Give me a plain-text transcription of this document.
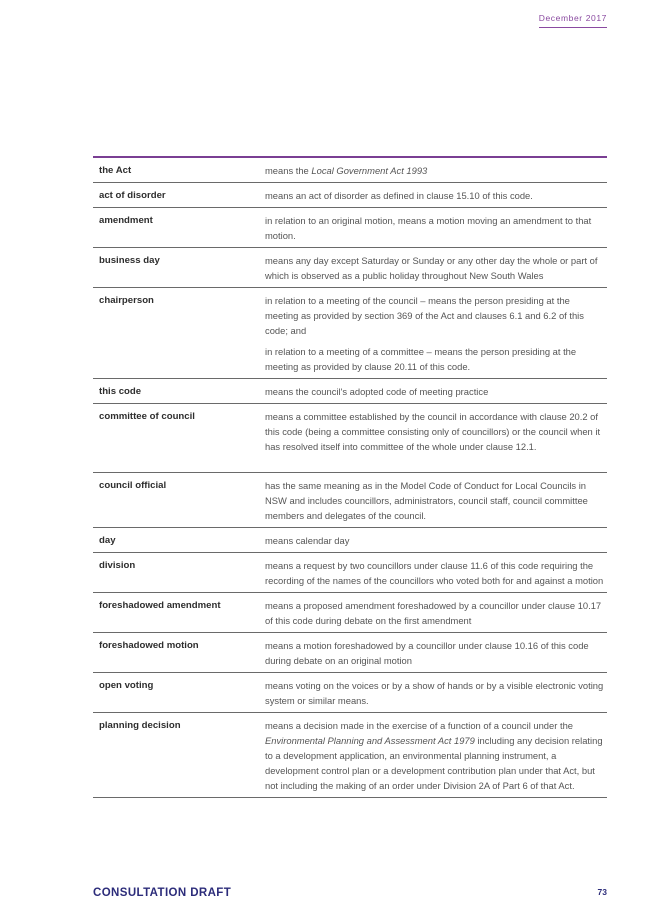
December 2017
the Act	means the Local Government Act 1993

act of disorder	means an act of disorder as defined in clause 15.10 of this code.

amendment	in relation to an original motion, means a motion moving an amendment to that motion.

business day	means any day except Saturday or Sunday or any other day the whole or part of which is observed as a public holiday throughout New South Wales

chairperson	in relation to a meeting of the council – means the person presiding at the meeting as provided by section 369 of the Act and clauses 6.1 and 6.2 of this code; and

in relation to a meeting of a committee – means the person presiding at the meeting as provided by clause 20.11 of this code.

this code	means the council's adopted code of meeting practice

committee of council	means a committee established by the council in accordance with clause 20.2 of this code (being a committee consisting only of councillors) or the council when it has resolved itself into committee of the whole under clause 12.1.

council official	has the same meaning as in the Model Code of Conduct for Local Councils in NSW and includes councillors, administrators, council staff, council committee members and delegates of the council.

day	means calendar day

division	means a request by two councillors under clause 11.6 of this code requiring the recording of the names of the councillors who voted both for and against a motion

foreshadowed amendment	means a proposed amendment foreshadowed by a councillor under clause 10.17 of this code during debate on the first amendment

foreshadowed motion	means a motion foreshadowed by a councillor under clause 10.16 of this code during debate on an original motion

open voting	means voting on the voices or by a show of hands or by a visible electronic voting system or similar means.

planning decision	means a decision made in the exercise of a function of a council under the Environmental Planning and Assessment Act 1979 including any decision relating to a development application, an environmental planning instrument, a development control plan or a development contribution plan under that Act, but not including the making of an order under Division 2A of Part 6 of that Act.

CONSULTATION DRAFT	73
